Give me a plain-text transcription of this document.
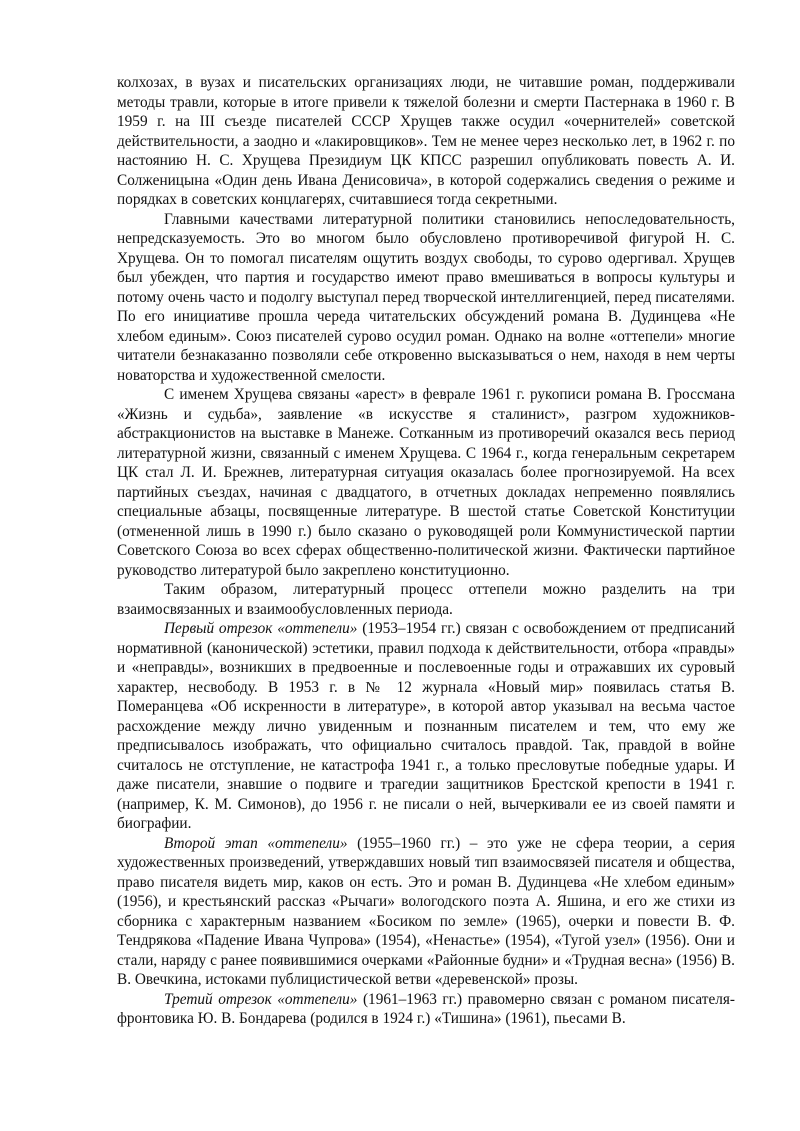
колхозах, в вузах и писательских организациях люди, не читавшие роман, поддерживали методы травли, которые в итоге привели к тяжелой болезни и смерти Пастернака в 1960 г. В 1959 г. на III съезде писателей СССР Хрущев также осудил «очернителей» советской действительности, а заодно и «лакировщиков». Тем не менее через несколько лет, в 1962 г. по настоянию Н. С. Хрущева Президиум ЦК КПСС разрешил опубликовать повесть А. И. Солженицына «Один день Ивана Денисовича», в которой содержались сведения о режиме и порядках в советских концлагерях, считавшиеся тогда секретными.

Главными качествами литературной политики становились непоследовательность, непредсказуемость. Это во многом было обусловлено противоречивой фигурой Н. С. Хрущева. Он то помогал писателям ощутить воздух свободы, то сурово одергивал. Хрущев был убежден, что партия и государство имеют право вмешиваться в вопросы культуры и потому очень часто и подолгу выступал перед творческой интеллигенцией, перед писателями. По его инициативе прошла череда читательских обсуждений романа В. Дудинцева «Не хлебом единым». Союз писателей сурово осудил роман. Однако на волне «оттепели» многие читатели безнаказанно позволяли себе откровенно высказываться о нем, находя в нем черты новаторства и художественной смелости.

С именем Хрущева связаны «арест» в феврале 1961 г. рукописи романа В. Гроссмана «Жизнь и судьба», заявление «в искусстве я сталинист», разгром художников-абстракционистов на выставке в Манеже. Сотканным из противоречий оказался весь период литературной жизни, связанный с именем Хрущева. С 1964 г., когда генеральным секретарем ЦК стал Л. И. Брежнев, литературная ситуация оказалась более прогнозируемой. На всех партийных съездах, начиная с двадцатого, в отчетных докладах непременно появлялись специальные абзацы, посвященные литературе. В шестой статье Советской Конституции (отмененной лишь в 1990 г.) было сказано о руководящей роли Коммунистической партии Советского Союза во всех сферах общественно-политической жизни. Фактически партийное руководство литературой было закреплено конституционно.

Таким образом, литературный процесс оттепели можно разделить на три взаимосвязанных и взаимообусловленных периода.

Первый отрезок «оттепели» (1953–1954 гг.) связан с освобождением от предписаний нормативной (канонической) эстетики, правил подхода к действительности, отбора «правды» и «неправды», возникших в предвоенные и послевоенные годы и отражавших их суровый характер, несвободу. В 1953 г. в № 12 журнала «Новый мир» появилась статья В. Померанцева «Об искренности в литературе», в которой автор указывал на весьма частое расхождение между лично увиденным и познанным писателем и тем, что ему же предписывалось изображать, что официально считалось правдой. Так, правдой в войне считалось не отступление, не катастрофа 1941 г., а только пресловутые победные удары. И даже писатели, знавшие о подвиге и трагедии защитников Брестской крепости в 1941 г. (например, К. М. Симонов), до 1956 г. не писали о ней, вычеркивали ее из своей памяти и биографии.

Второй этап «оттепели» (1955–1960 гг.) – это уже не сфера теории, а серия художественных произведений, утверждавших новый тип взаимосвязей писателя и общества, право писателя видеть мир, каков он есть. Это и роман В. Дудинцева «Не хлебом единым» (1956), и крестьянский рассказ «Рычаги» вологодского поэта А. Яшина, и его же стихи из сборника с характерным названием «Босиком по земле» (1965), очерки и повести В. Ф. Тендрякова «Падение Ивана Чупрова» (1954), «Ненастье» (1954), «Тугой узел» (1956). Они и стали, наряду с ранее появившимися очерками «Районные будни» и «Трудная весна» (1956) В. В. Овечкина, истоками публицистической ветви «деревенской» прозы.

Третий отрезок «оттепели» (1961–1963 гг.) правомерно связан с романом писателя-фронтовика Ю. В. Бондарева (родился в 1924 г.) «Тишина» (1961), пьесами В.
